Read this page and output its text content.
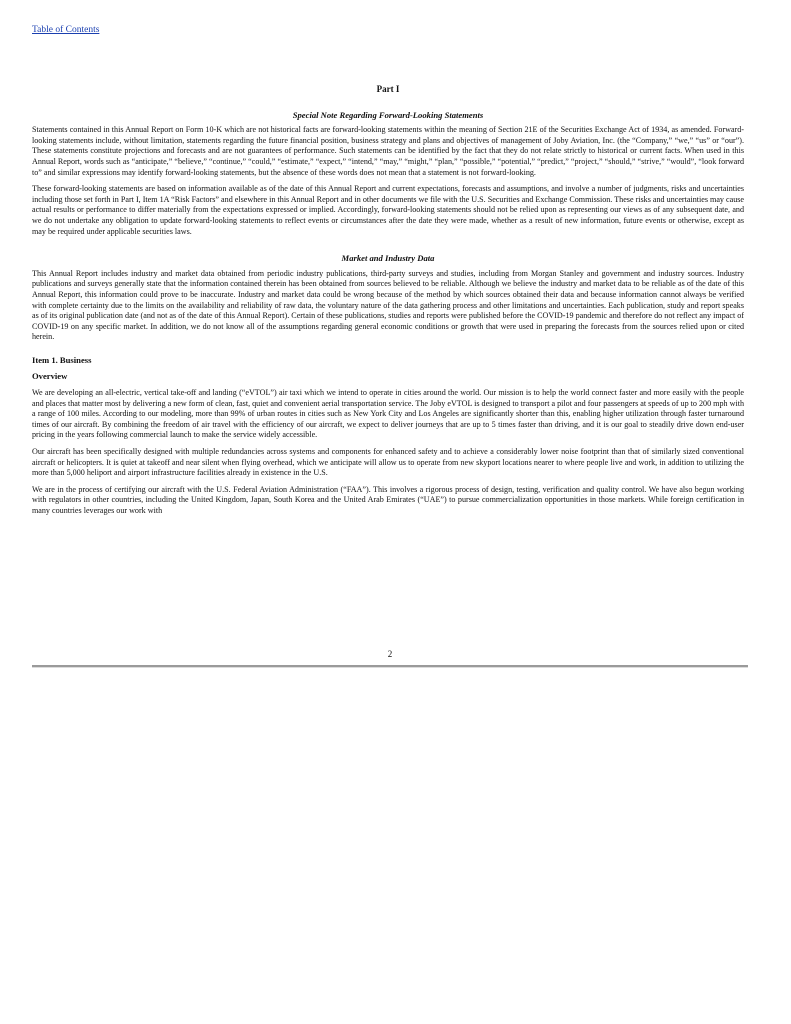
Table of Contents
Part I
Special Note Regarding Forward-Looking Statements

Statements contained in this Annual Report on Form 10-K which are not historical facts are forward-looking statements within the meaning of Section 21E of the Securities Exchange Act of 1934, as amended. Forward-looking statements include, without limitation, statements regarding the future financial position, business strategy and plans and objectives of management of Joby Aviation, Inc. (the “Company,” “we,” “us” or “our”). These statements constitute projections and forecasts and are not guarantees of performance. Such statements can be identified by the fact that they do not relate strictly to historical or current facts. When used in this Annual Report, words such as “anticipate,” “believe,” “continue,” “could,” “estimate,” “expect,” “intend,” “may,” “might,” “plan,” “possible,” “potential,” “predict,” “project,” “should,” “strive,” “would”, “look forward to” and similar expressions may identify forward-looking statements, but the absence of these words does not mean that a statement is not forward-looking.

These forward-looking statements are based on information available as of the date of this Annual Report and current expectations, forecasts and assumptions, and involve a number of judgments, risks and uncertainties including those set forth in Part I, Item 1A “Risk Factors” and elsewhere in this Annual Report and in other documents we file with the U.S. Securities and Exchange Commission. These risks and uncertainties may cause actual results or performance to differ materially from the expectations expressed or implied. Accordingly, forward-looking statements should not be relied upon as representing our views as of any subsequent date, and we do not undertake any obligation to update forward-looking statements to reflect events or circumstances after the date they were made, whether as a result of new information, future events or otherwise, except as may be required under applicable securities laws.

Market and Industry Data

This Annual Report includes industry and market data obtained from periodic industry publications, third-party surveys and studies, including from Morgan Stanley and government and industry sources. Industry publications and surveys generally state that the information contained therein has been obtained from sources believed to be reliable. Although we believe the industry and market data to be reliable as of the date of this Annual Report, this information could prove to be inaccurate. Industry and market data could be wrong because of the method by which sources obtained their data and because information cannot always be verified with complete certainty due to the limits on the availability and reliability of raw data, the voluntary nature of the data gathering process and other limitations and uncertainties. Each publication, study and report speaks as of its original publication date (and not as of the date of this Annual Report). Certain of these publications, studies and reports were published before the COVID-19 pandemic and therefore do not reflect any impact of COVID-19 on any specific market. In addition, we do not know all of the assumptions regarding general economic conditions or growth that were used in preparing the forecasts from the sources relied upon or cited herein.

Item 1. Business
Overview

We are developing an all-electric, vertical take-off and landing (“eVTOL”) air taxi which we intend to operate in cities around the world. Our mission is to help the world connect faster and more easily with the people and places that matter most by delivering a new form of clean, fast, quiet and convenient aerial transportation service. The Joby eVTOL is designed to transport a pilot and four passengers at speeds of up to 200 mph with a range of 100 miles. According to our modeling, more than 99% of urban routes in cities such as New York City and Los Angeles are significantly shorter than this, enabling higher utilization through faster turnaround times of our aircraft. By combining the freedom of air travel with the efficiency of our aircraft, we expect to deliver journeys that are up to 5 times faster than driving, and it is our goal to steadily drive down end-user pricing in the years following commercial launch to make the service widely accessible.

Our aircraft has been specifically designed with multiple redundancies across systems and components for enhanced safety and to achieve a considerably lower noise footprint than that of similarly sized conventional aircraft or helicopters. It is quiet at takeoff and near silent when flying overhead, which we anticipate will allow us to operate from new skyport locations nearer to where people live and work, in addition to utilizing the more than 5,000 heliport and airport infrastructure facilities already in existence in the U.S.

We are in the process of certifying our aircraft with the U.S. Federal Aviation Administration (“FAA”). This involves a rigorous process of design, testing, verification and quality control. We have also begun working with regulators in other countries, including the United Kingdom, Japan, South Korea and the United Arab Emirates (“UAE”) to pursue commercialization opportunities in those markets. While foreign certification in many countries leverages our work with

2
